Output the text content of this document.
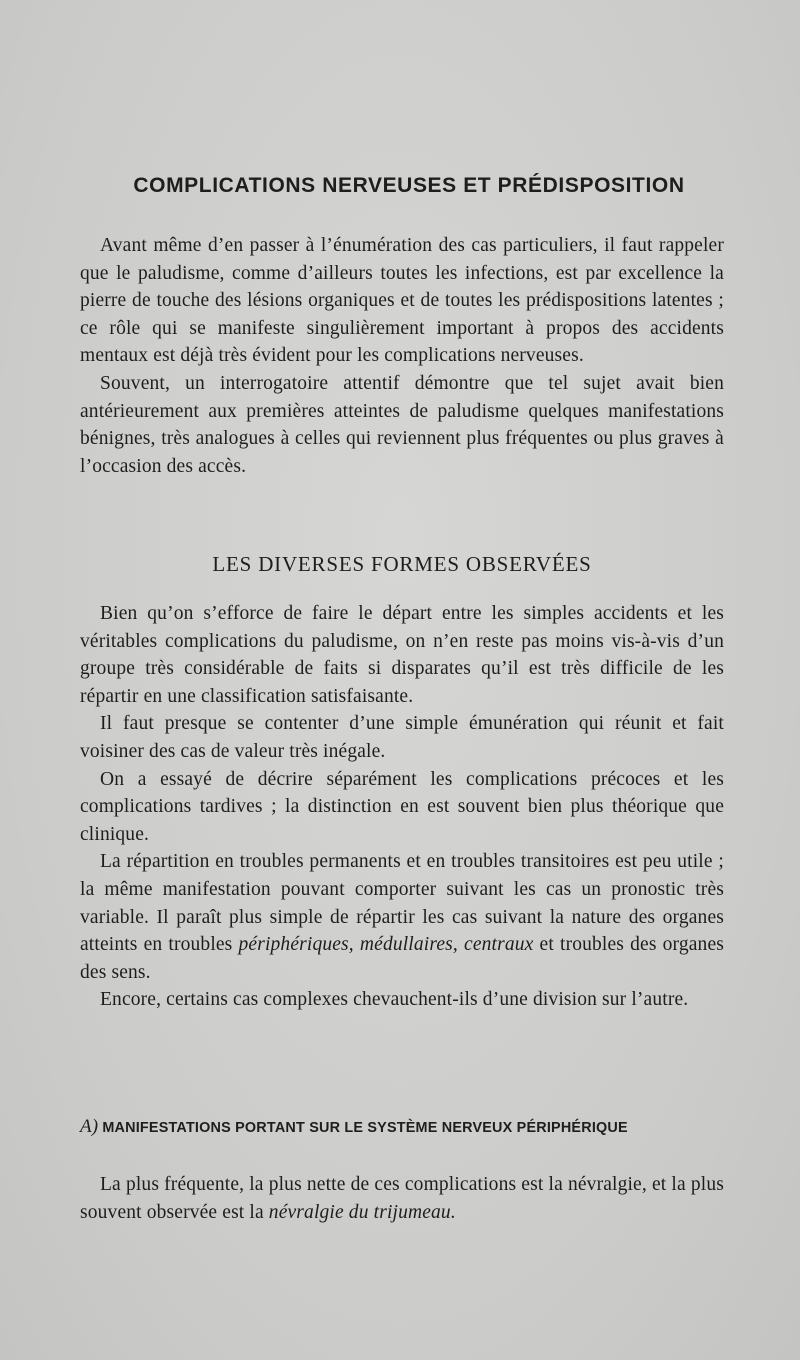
COMPLICATIONS NERVEUSES ET PRÉDISPOSITION

Avant même d’en passer à l’énumération des cas particuliers, il faut rappeler que le paludisme, comme d’ailleurs toutes les infections, est par excellence la pierre de touche des lésions organiques et de toutes les prédispositions latentes ; ce rôle qui se manifeste singulièrement important à propos des accidents mentaux est déjà très évident pour les complications nerveuses.

Souvent, un interrogatoire attentif démontre que tel sujet avait bien antérieurement aux premières atteintes de paludisme quelques manifestations bénignes, très analogues à celles qui reviennent plus fréquentes ou plus graves à l’occasion des accès.

LES DIVERSES FORMES OBSERVÉES

Bien qu’on s’efforce de faire le départ entre les simples accidents et les véritables complications du paludisme, on n’en reste pas moins vis-à-vis d’un groupe très considérable de faits si disparates qu’il est très difficile de les répartir en une classification satisfaisante.

Il faut presque se contenter d’une simple émunération qui réunit et fait voisiner des cas de valeur très inégale.

On a essayé de décrire séparément les complications précoces et les complications tardives ; la distinction en est souvent bien plus théorique que clinique.

La répartition en troubles permanents et en troubles transitoires est peu utile ; la même manifestation pouvant comporter suivant les cas un pronostic très variable. Il paraît plus simple de répartir les cas suivant la nature des organes atteints en troubles périphériques, médullaires, centraux et troubles des organes des sens.

Encore, certains cas complexes chevauchent-ils d’une division sur l’autre.

A) MANIFESTATIONS PORTANT SUR LE SYSTÈME NERVEUX PÉRIPHÉRIQUE

La plus fréquente, la plus nette de ces complications est la névralgie, et la plus souvent observée est la névralgie du trijumeau.
